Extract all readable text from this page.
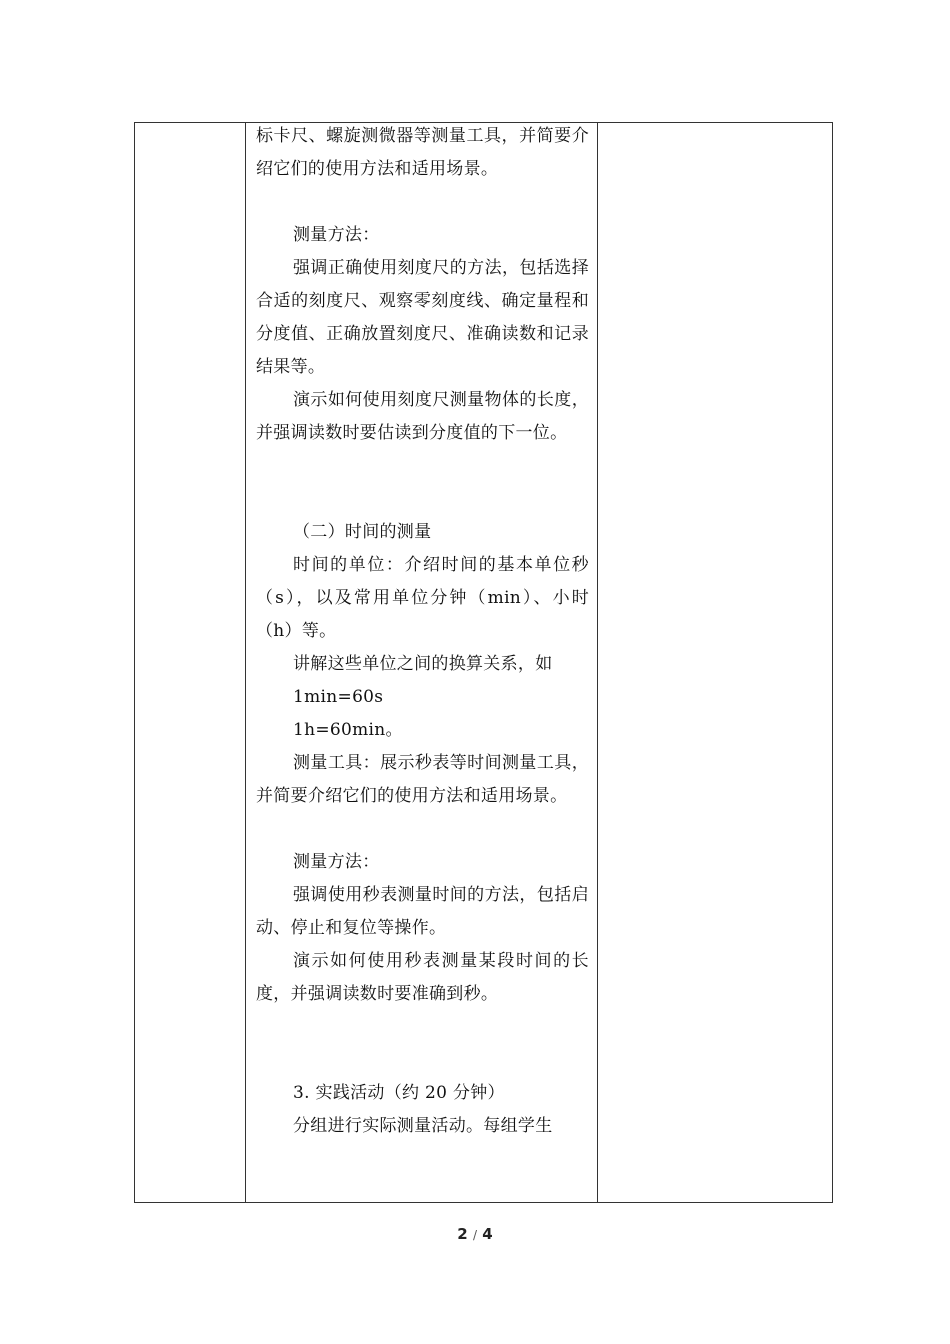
标卡尺、螺旋测微器等测量工具，并简要介绍它们的使用方法和适用场景。

测量方法：

强调正确使用刻度尺的方法，包括选择合适的刻度尺、观察零刻度线、确定量程和分度值、正确放置刻度尺、准确读数和记录结果等。

演示如何使用刻度尺测量物体的长度，并强调读数时要估读到分度值的下一位。

（二）时间的测量

时间的单位：介绍时间的基本单位秒（s），以及常用单位分钟（min）、小时（h）等。

讲解这些单位之间的换算关系，如

1min=60s

1h=60min。

测量工具：展示秒表等时间测量工具，并简要介绍它们的使用方法和适用场景。

测量方法：

强调使用秒表测量时间的方法，包括启动、停止和复位等操作。

演示如何使用秒表测量某段时间的长度，并强调读数时要准确到秒。

3. 实践活动（约 20 分钟）

分组进行实际测量活动。每组学生

2 / 4
